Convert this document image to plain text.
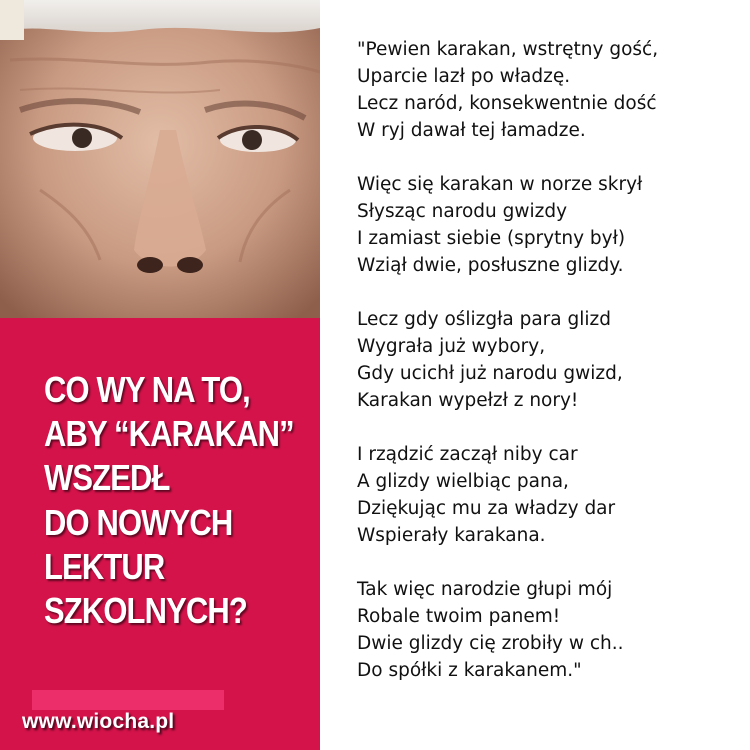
CO WY NA TO,
ABY “KARAKAN”
WSZEDŁ
DO NOWYCH
LEKTUR
SZKOLNYCH?
www.wiocha.pl
"Pewien karakan, wstrętny gość,
Uparcie lazł po władzę.
Lecz naród, konsekwentnie dość
W ryj dawał tej łamadze.
Więc się karakan w norze skrył
Słysząc narodu gwizdy
I zamiast siebie (sprytny był)
Wziął dwie, posłuszne glizdy.
Lecz gdy oślizgła para glizd
Wygrała już wybory,
Gdy ucichł już narodu gwizd,
Karakan wypełzł z nory!
I rządzić zaczął niby car
A glizdy wielbiąc pana,
Dziękując mu za władzy dar
Wspierały karakana.
Tak więc narodzie głupi mój
Robale twoim panem!
Dwie glizdy cię zrobiły w ch..
Do spółki z karakanem."
